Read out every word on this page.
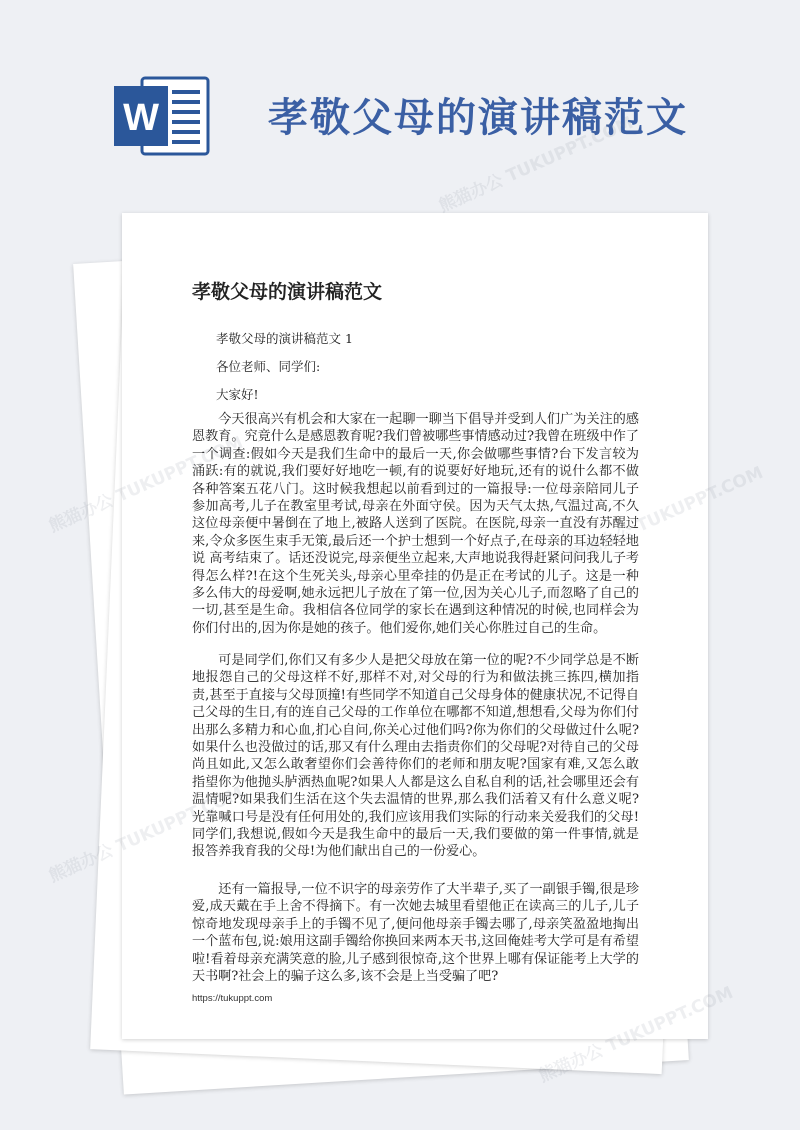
W	孝敬父母的演讲稿范文
孝敬父母的演讲稿范文

孝敬父母的演讲稿范文 1

各位老师、同学们:

大家好!

今天很高兴有机会和大家在一起聊一聊当下倡导并受到人们广为关注的感恩教育。究竟什么是感恩教育呢?我们曾被哪些事情感动过?我曾在班级中作了一个调查:假如今天是我们生命中的最后一天,你会做哪些事情?台下发言较为涌跃:有的就说,我们要好好地吃一顿,有的说要好好地玩,还有的说什么都不做各种答案五花八门。这时候我想起以前看到过的一篇报导:一位母亲陪同儿子参加高考,儿子在教室里考试,母亲在外面守侯。因为天气太热,气温过高,不久这位母亲便中暑倒在了地上,被路人送到了医院。在医院,母亲一直没有苏醒过来,令众多医生束手无策,最后还一个护士想到一个好点子,在母亲的耳边轻轻地说 高考结束了。话还没说完,母亲便坐立起来,大声地说我得赶紧问问我儿子考得怎么样?!在这个生死关头,母亲心里牵挂的仍是正在考试的儿子。这是一种多么伟大的母爱啊,她永远把儿子放在了第一位,因为关心儿子,而忽略了自己的一切,甚至是生命。我相信各位同学的家长在遇到这种情况的时候,也同样会为你们付出的,因为你是她的孩子。他们爱你,她们关心你胜过自己的生命。

可是同学们,你们又有多少人是把父母放在第一位的呢?不少同学总是不断地报怨自己的父母这样不好,那样不对,对父母的行为和做法挑三拣四,横加指责,甚至于直接与父母顶撞!有些同学不知道自己父母身体的健康状况,不记得自己父母的生日,有的连自己父母的工作单位在哪都不知道,想想看,父母为你们付出那么多精力和心血,扪心自问,你关心过他们吗?你为你们的父母做过什么呢?如果什么也没做过的话,那又有什么理由去指责你们的父母呢?对待自己的父母尚且如此,又怎么敢奢望你们会善待你们的老师和朋友呢?国家有难,又怎么敢指望你为他抛头胪洒热血呢?如果人人都是这么自私自利的话,社会哪里还会有温情呢?如果我们生活在这个失去温情的世界,那么我们活着又有什么意义呢?光靠喊口号是没有任何用处的,我们应该用我们实际的行动来关爱我们的父母!同学们,我想说,假如今天是我生命中的最后一天,我们要做的第一件事情,就是报答养我育我的父母!为他们献出自己的一份爱心。

还有一篇报导,一位不识字的母亲劳作了大半辈子,买了一副银手镯,很是珍爱,成天戴在手上舍不得摘下。有一次她去城里看望他正在读高三的儿子,儿子惊奇地发现母亲手上的手镯不见了,便问他母亲手镯去哪了,母亲笑盈盈地掏出一个蓝布包,说:娘用这副手镯给你换回来两本天书,这回俺娃考大学可是有希望啦!看着母亲充满笑意的脸,儿子感到很惊奇,这个世界上哪有保证能考上大学的天书啊?社会上的骗子这么多,该不会是上当受骗了吧?

https://tukuppt.com

熊猫办公 TUKUPPT.COM
熊猫办公
熊猫办公
